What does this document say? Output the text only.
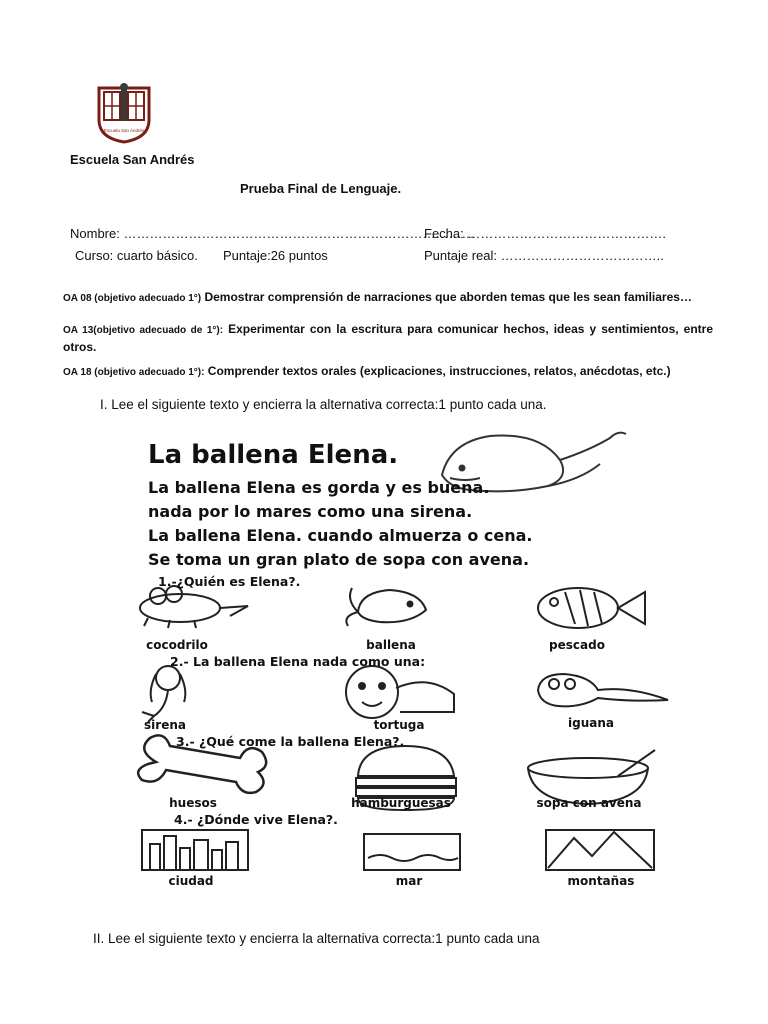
Escuela San Andrés
Escuela San Andrés
Prueba Final de Lenguaje.
Nombre: ………………………………………………………………………
Fecha: ……………………………………….
Curso: cuarto básico. Puntaje:26 puntos	Puntaje real: ………………………………..
OA 08 (objetivo adecuado 1°) Demostrar comprensión de narraciones que aborden temas que les sean familiares…
OA 13(objetivo adecuado de 1°): Experimentar con la escritura para comunicar hechos, ideas y sentimientos, entre otros.
OA 18 (objetivo adecuado 1°): Comprender textos orales (explicaciones, instrucciones, relatos, anécdotas, etc.)
I. Lee el siguiente texto y encierra la alternativa correcta:1 punto cada una.
La ballena Elena.
La ballena Elena es gorda y es buena.
nada por lo mares como una sirena.
La ballena Elena. cuando almuerza o cena.
Se toma un gran plato de sopa con avena.
1.-¿Quién es Elena?.
cocodrilo	ballena	pescado
2.- La ballena Elena nada como una:
sirena	tortuga	iguana
3.- ¿Qué come la ballena Elena?.
huesos	hamburguesas	sopa con avena
4.- ¿Dónde vive Elena?.
ciudad	mar	montañas
II. Lee el siguiente texto y encierra la alternativa correcta:1 punto cada una
